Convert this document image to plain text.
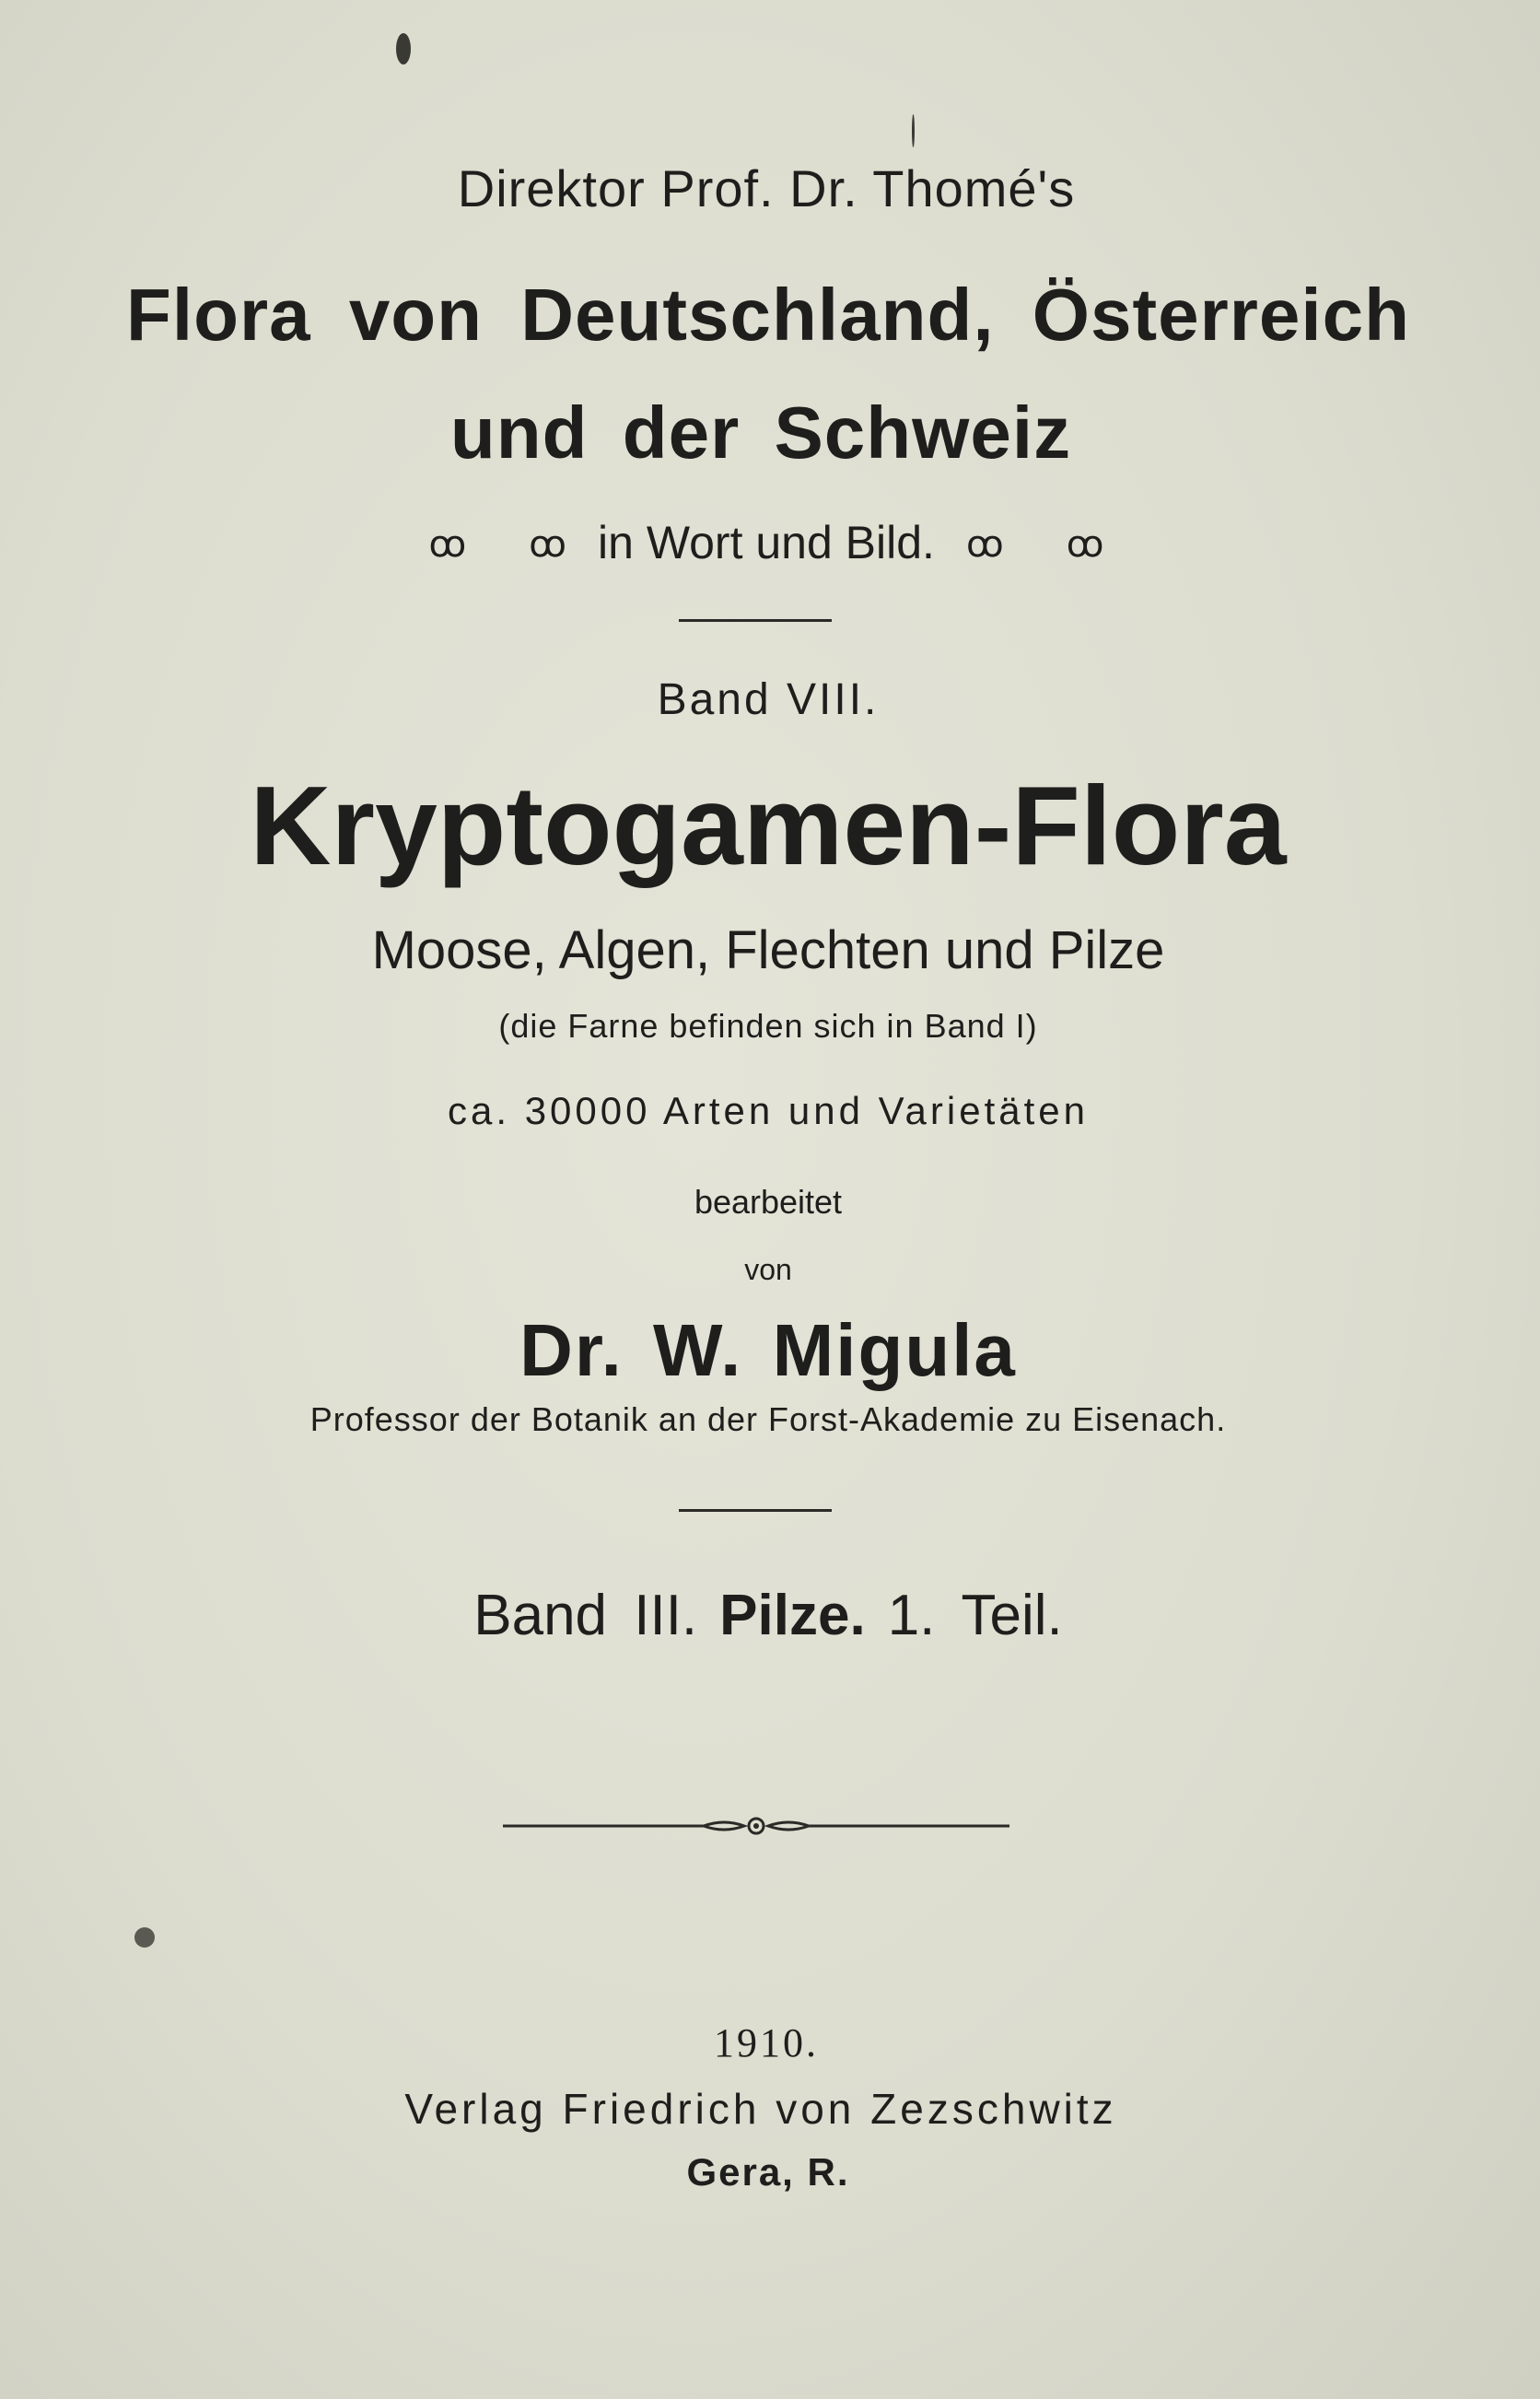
Direktor Prof. Dr. Thomé's
Flora von Deutschland, Österreich
und der Schweiz
ꝏ ꝏ in Wort und Bild. ꝏ ꝏ
Band VIII.
Kryptogamen-Flora
Moose, Algen, Flechten und Pilze
(die Farne befinden sich in Band I)
ca. 30000 Arten und Varietäten
bearbeitet
von
Dr. W. Migula
Professor der Botanik an der Forst-Akademie zu Eisenach.
Band III. Pilze. 1. Teil.
1910.
Verlag Friedrich von Zezschwitz
Gera, R.
